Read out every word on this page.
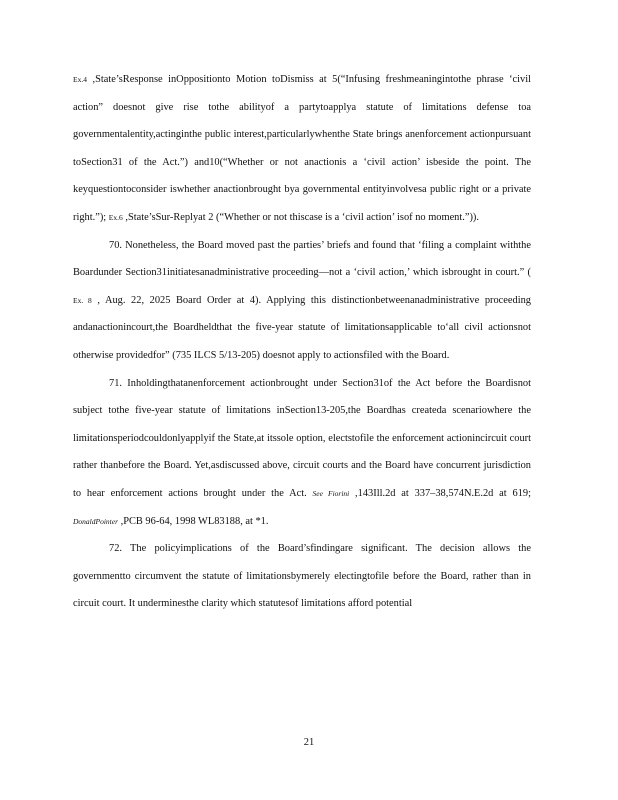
Ex.4 ,State’sResponse inOppositionto Motion toDismiss at 5(“Infusing freshmeaningintothe phrase ‘civil action” doesnot give rise tothe abilityof a partytoapplya statute of limitations defense toa governmentalentity,actinginthe public interest,particularlywhenthe State brings anenforcement actionpursuant toSection31 of the Act.”) and10(“Whether or not anactionis a ‘civil action’ isbeside the point. The keyquestiontoconsider iswhether anactionbrought bya governmental entityinvolvesa public right or a private right.”); Ex.6 ,State’sSur-Replyat 2 (“Whether or not thiscase is a ‘civil action’ isof no moment.”)).

70. Nonetheless, the Board moved past the parties’ briefs and found that ‘filing a complaint withthe Boardunder Section31initiatesanadministrative proceeding—not a ‘civil action,’ which isbrought in court.” ( Ex. 8 , Aug. 22, 2025 Board Order at 4). Applying this distinctionbetweenanadministrative proceeding andanactionincourt,the Boardheldthat the five-year statute of limitationsapplicable to‘all civil actionsnot otherwise providedfor” (735 ILCS 5/13-205) doesnot apply to actionsfiled with the Board.

71. Inholdingthatanenforcement actionbrought under Section31of the Act before the Boardisnot subject tothe five-year statute of limitations inSection13-205,the Boardhas createda scenariowhere the limitationsperiodcouldonlyapplyif the State,at itssole option, electstofile the enforcement actionincircuit court rather thanbefore the Board. Yet,asdiscussed above, circuit courts and the Board have concurrent jurisdiction to hear enforcement actions brought under the Act. See Fiorini ,143Ill.2d at 337–38,574N.E.2d at 619; DonaldPointer ,PCB 96-64, 1998 WL83188, at *1.

72. The policyimplications of the Board’sfindingare significant. The decision allows the governmentto circumvent the statute of limitationsbymerely electingtofile before the Board, rather than in circuit court. It underminesthe clarity which statutesof limitations afford potential

21
